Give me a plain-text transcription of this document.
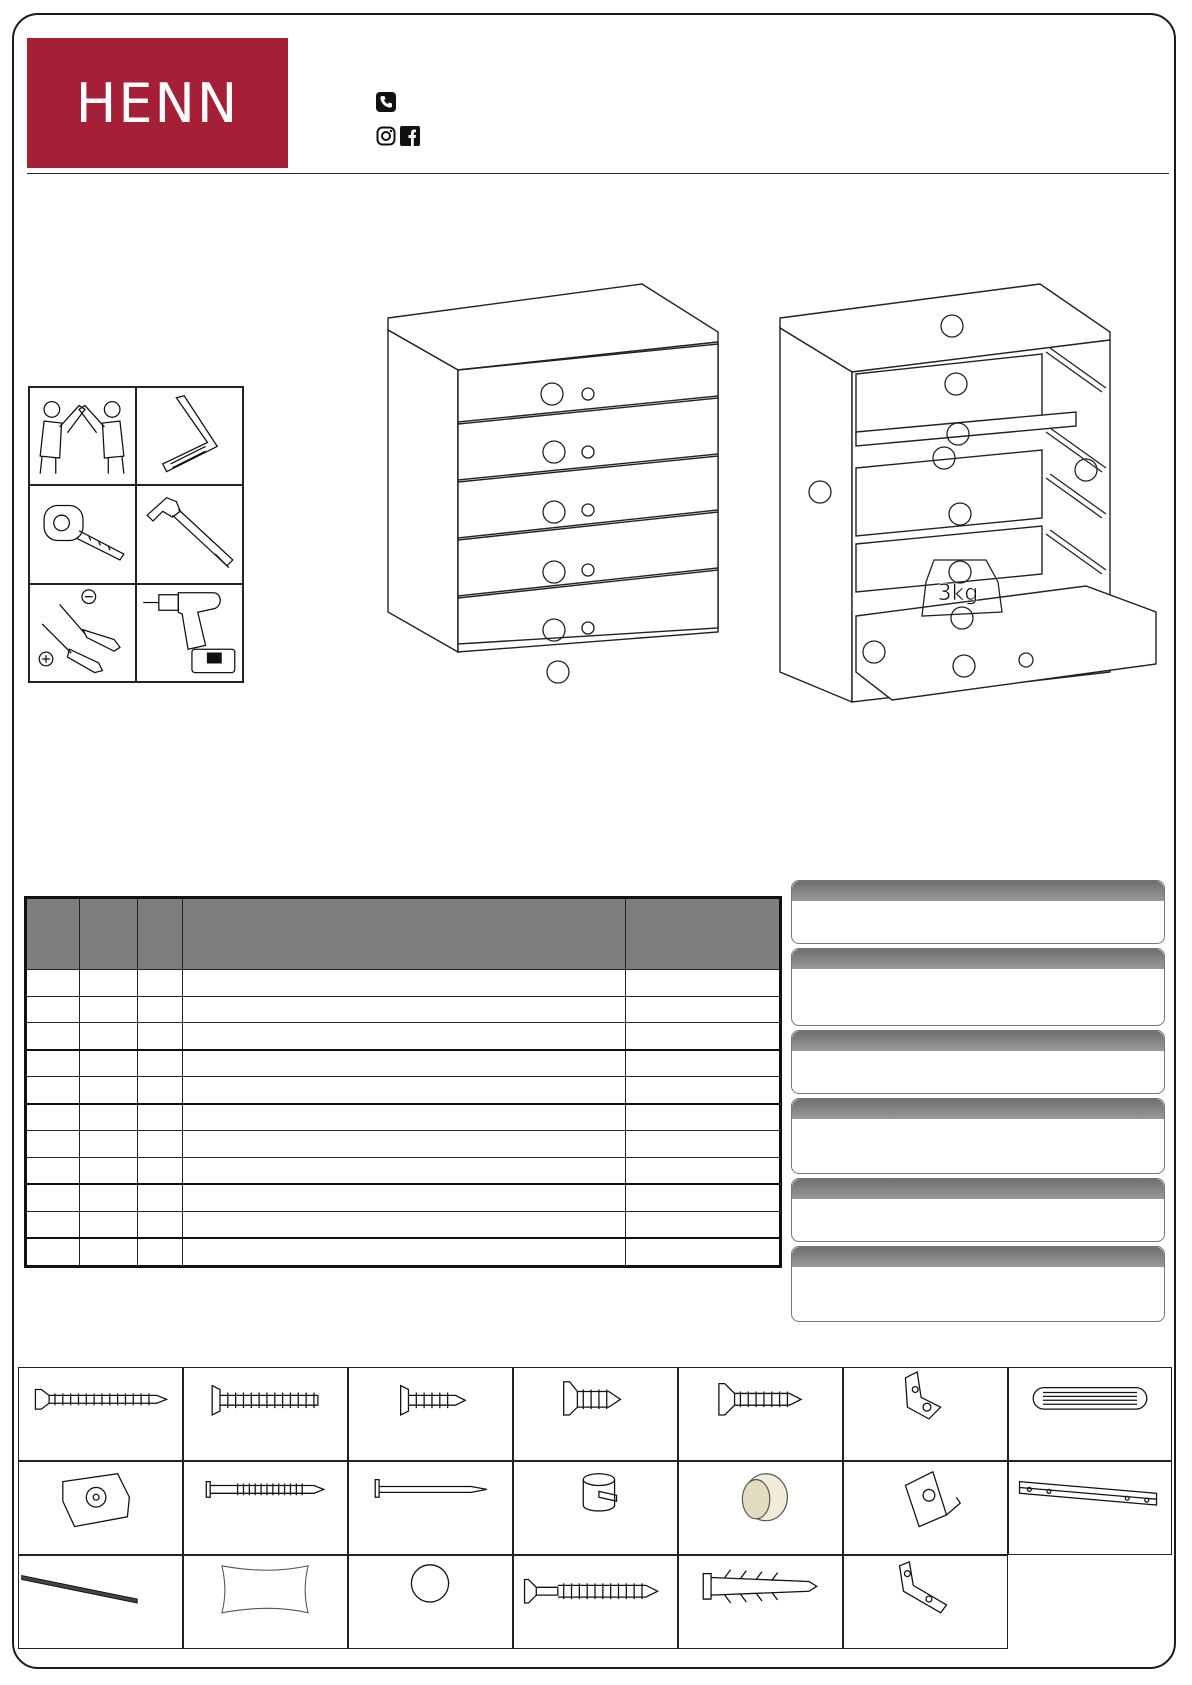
HENN
3kg
